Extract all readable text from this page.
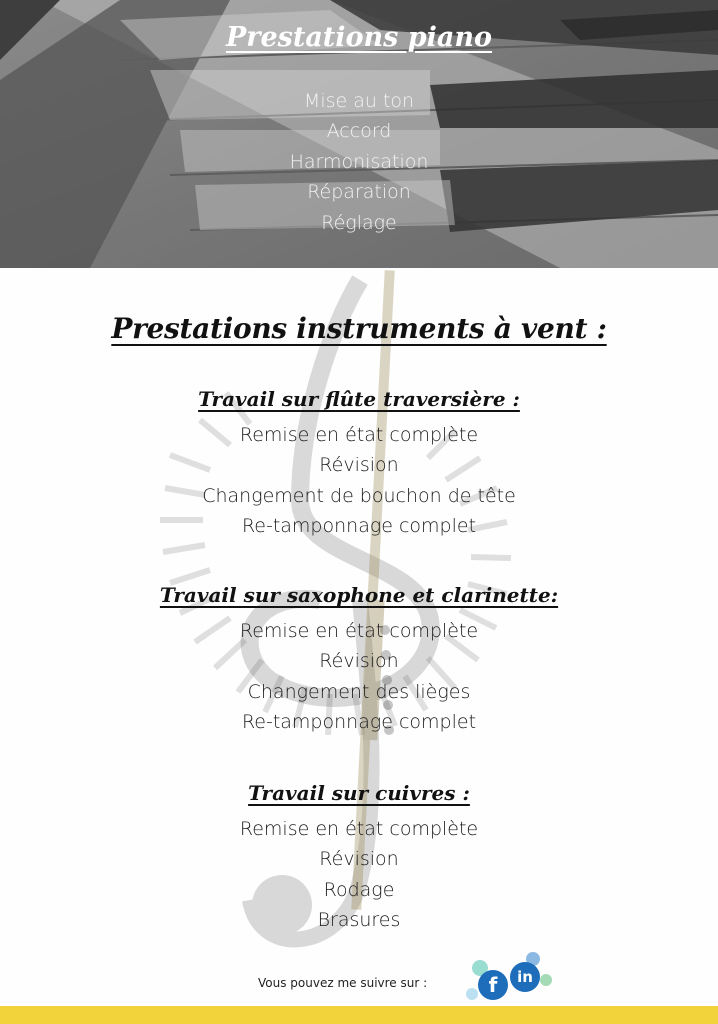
Prestations piano
Mise au ton
Accord
Harmonisation
Réparation
Réglage
Prestations instruments à vent :
Travail sur flûte traversière :
Remise en état complète
Révision
Changement de bouchon de tête
Re-tamponnage complet
Travail sur saxophone et clarinette:
Remise en état complète
Révision
Changement des lièges
Re-tamponnage complet
Travail sur cuivres :
Remise en état complète
Révision
Rodage
Brasures
Vous pouvez me suivre sur :	f	in
